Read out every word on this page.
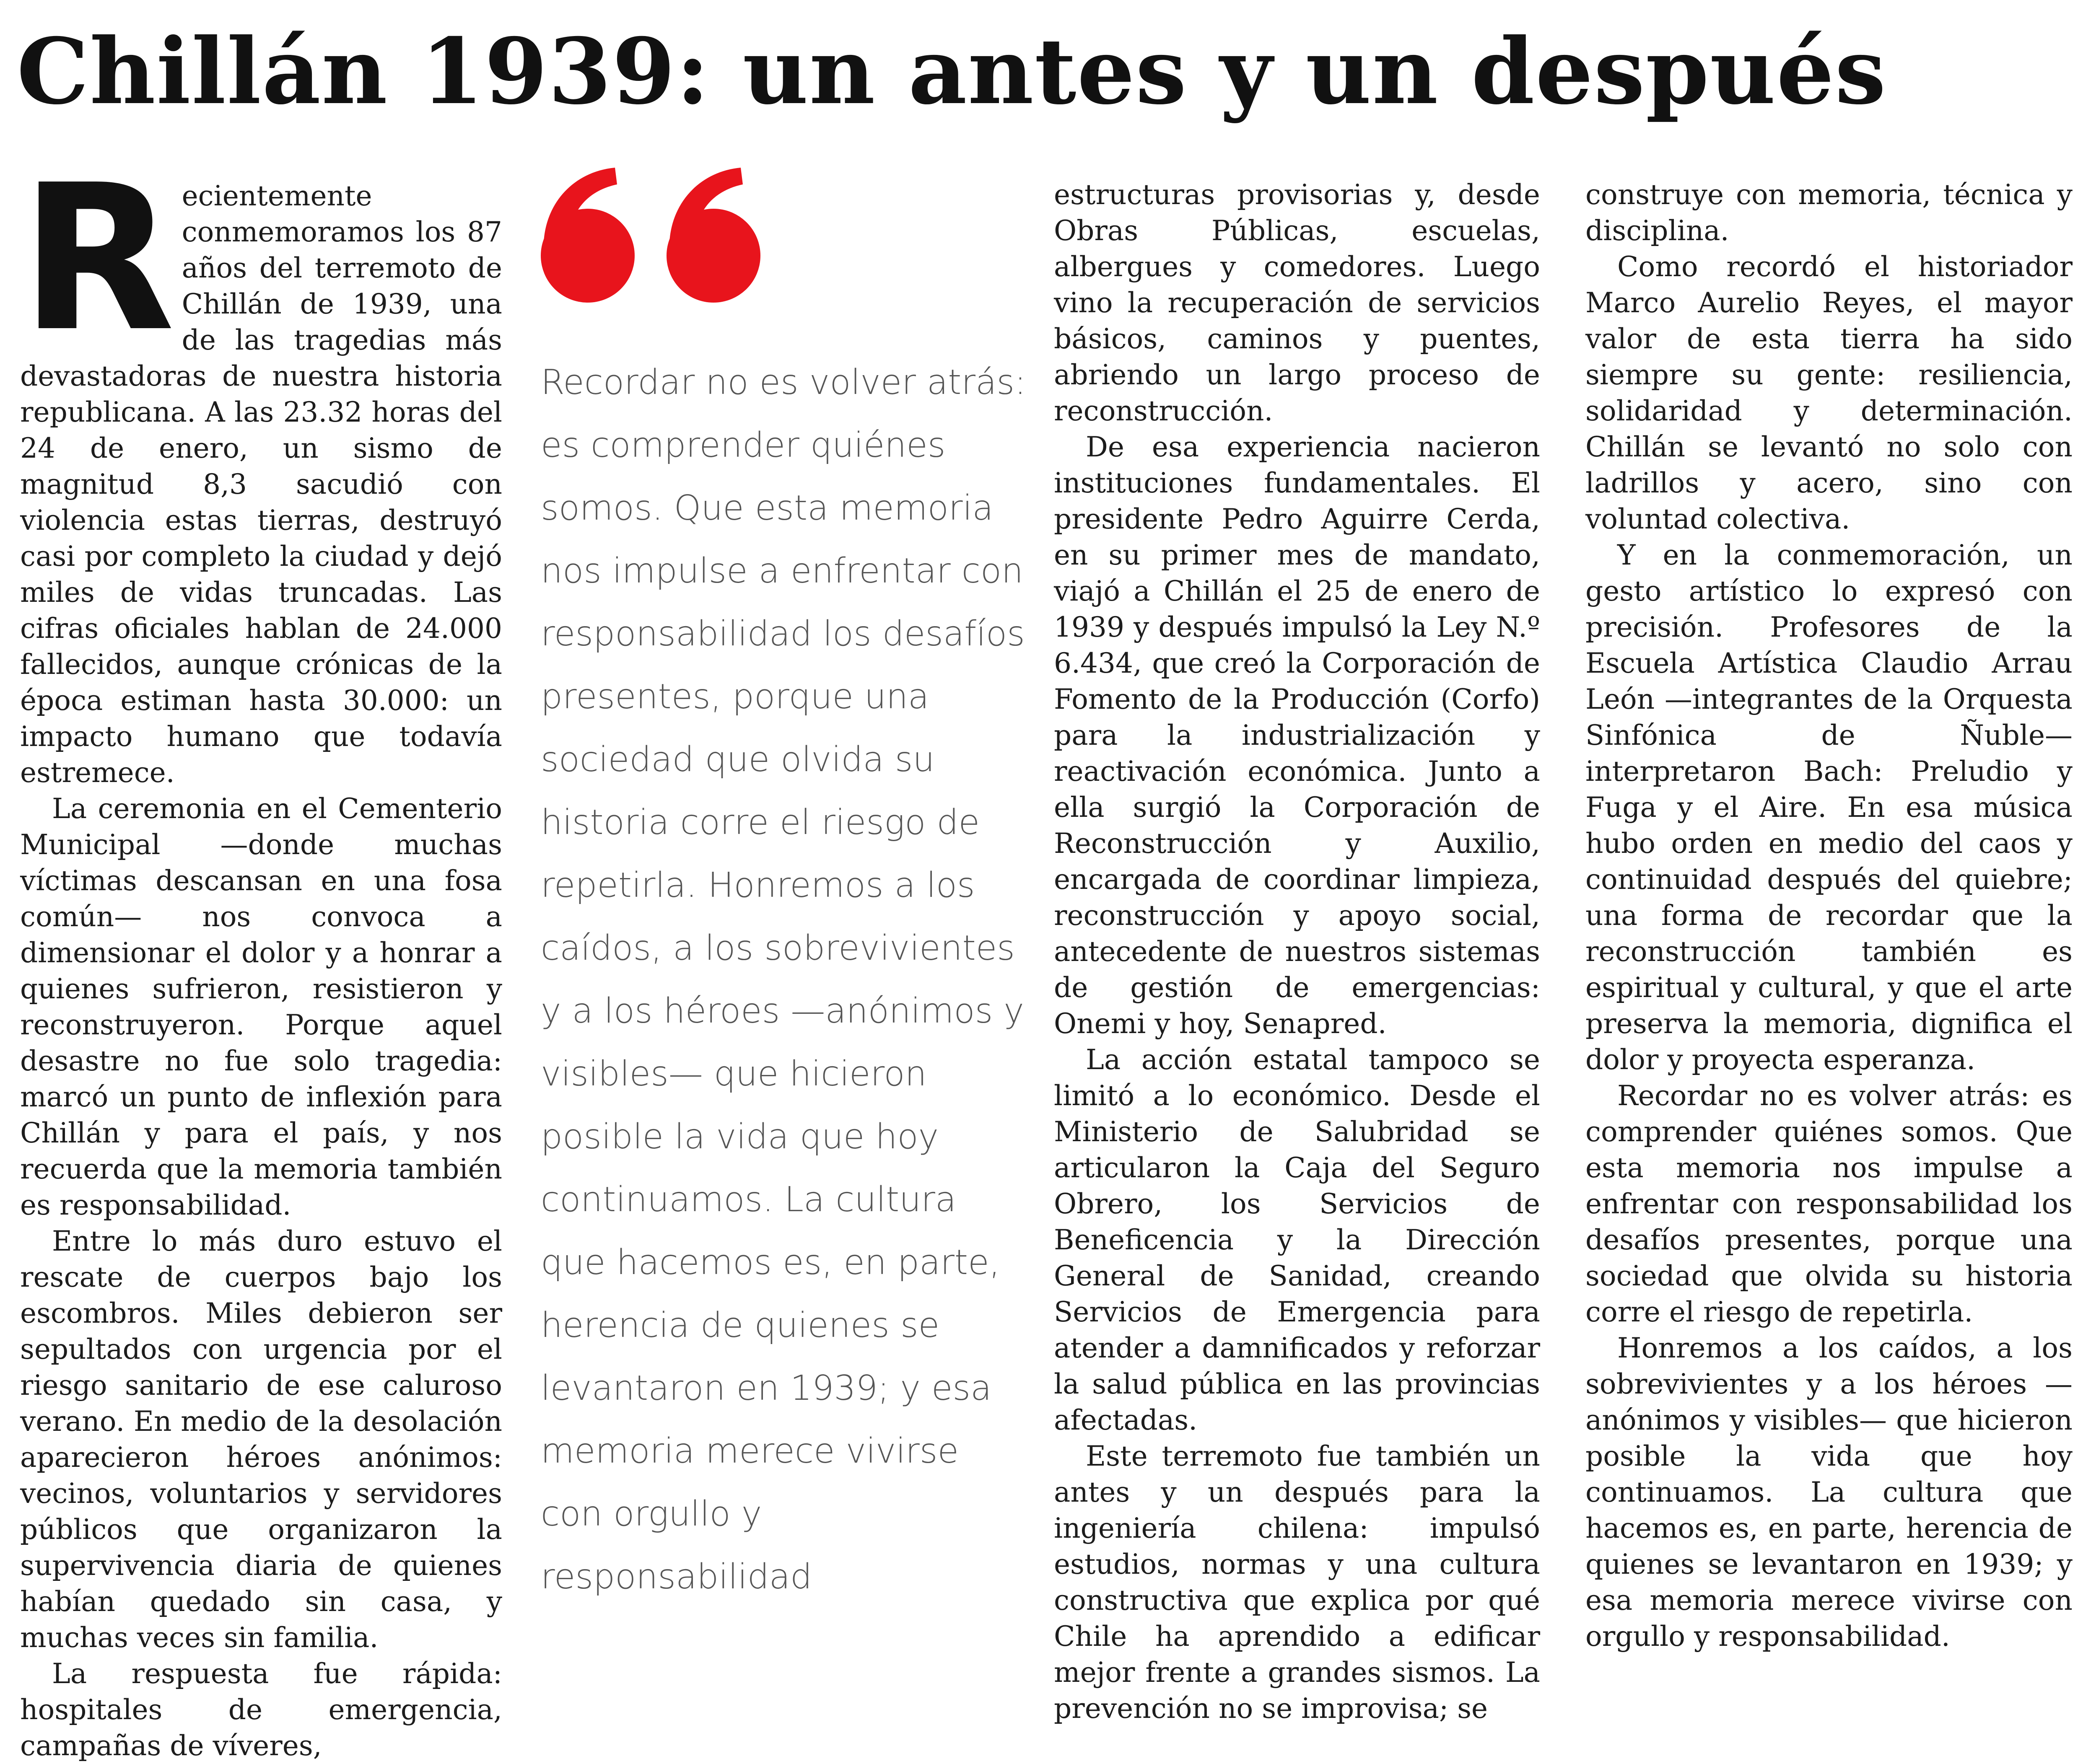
Chillán 1939: un antes y un después
R ecientemente conmemoramos los 87 años del terremoto de Chillán de 1939, una de las tragedias más devastadoras de nuestra historia republicana. A las 23.32 horas del 24 de enero, un sismo de magnitud 8,3 sacudió con violencia estas tierras, destruyó casi por completo la ciudad y dejó miles de vidas truncadas. Las cifras oficiales hablan de 24.000 fallecidos, aunque crónicas de la época estiman hasta 30.000: un impacto humano que todavía estremece.

La ceremonia en el Cementerio Municipal —donde muchas víctimas descansan en una fosa común— nos convoca a dimensionar el dolor y a honrar a quienes sufrieron, resistieron y reconstruyeron. Porque aquel desastre no fue solo tragedia: marcó un punto de inflexión para Chillán y para el país, y nos recuerda que la memoria también es responsabilidad.

Entre lo más duro estuvo el rescate de cuerpos bajo los escombros. Miles debieron ser sepultados con urgencia por el riesgo sanitario de ese caluroso verano. En medio de la desolación aparecieron héroes anónimos: vecinos, voluntarios y servidores públicos que organizaron la supervivencia diaria de quienes habían quedado sin casa, y muchas veces sin familia.

La respuesta fue rápida: hospitales de emergencia, campañas de víveres,

Recordar no es volver atrás: es comprender quiénes somos. Que esta memoria nos impulse a enfrentar con responsabilidad los desafíos presentes, porque una sociedad que olvida su historia corre el riesgo de repetirla. Honremos a los caídos, a los sobrevivientes y a los héroes —anónimos y visibles— que hicieron posible la vida que hoy continuamos. La cultura que hacemos es, en parte, herencia de quienes se levantaron en 1939; y esa memoria merece vivirse con orgullo y responsabilidad

estructuras provisorias y, desde Obras Públicas, escuelas, albergues y comedores. Luego vino la recuperación de servicios básicos, caminos y puentes, abriendo un largo proceso de reconstrucción.

De esa experiencia nacieron instituciones fundamentales. El presidente Pedro Aguirre Cerda, en su primer mes de mandato, viajó a Chillán el 25 de enero de 1939 y después impulsó la Ley N.º 6.434, que creó la Corporación de Fomento de la Producción (Corfo) para la industrialización y reactivación económica. Junto a ella surgió la Corporación de Reconstrucción y Auxilio, encargada de coordinar limpieza, reconstrucción y apoyo social, antecedente de nuestros sistemas de gestión de emergencias: Onemi y hoy, Senapred.

La acción estatal tampoco se limitó a lo económico. Desde el Ministerio de Salubridad se articularon la Caja del Seguro Obrero, los Servicios de Beneficencia y la Dirección General de Sanidad, creando Servicios de Emergencia para atender a damnificados y reforzar la salud pública en las provincias afectadas.

Este terremoto fue también un antes y un después para la ingeniería chilena: impulsó estudios, normas y una cultura constructiva que explica por qué Chile ha aprendido a edificar mejor frente a grandes sismos. La prevención no se improvisa; se

construye con memoria, técnica y disciplina.

Como recordó el historiador Marco Aurelio Reyes, el mayor valor de esta tierra ha sido siempre su gente: resiliencia, solidaridad y determinación. Chillán se levantó no solo con ladrillos y acero, sino con voluntad colectiva.

Y en la conmemoración, un gesto artístico lo expresó con precisión. Profesores de la Escuela Artística Claudio Arrau León —integrantes de la Orquesta Sinfónica de Ñuble— interpretaron Bach: Preludio y Fuga y el Aire. En esa música hubo orden en medio del caos y continuidad después del quiebre; una forma de recordar que la reconstrucción también es espiritual y cultural, y que el arte preserva la memoria, dignifica el dolor y proyecta esperanza.

Recordar no es volver atrás: es comprender quiénes somos. Que esta memoria nos impulse a enfrentar con responsabilidad los desafíos presentes, porque una sociedad que olvida su historia corre el riesgo de repetirla.

Honremos a los caídos, a los sobrevivientes y a los héroes —anónimos y visibles— que hicieron posible la vida que hoy continuamos. La cultura que hacemos es, en parte, herencia de quienes se levantaron en 1939; y esa memoria merece vivirse con orgullo y responsabilidad.
